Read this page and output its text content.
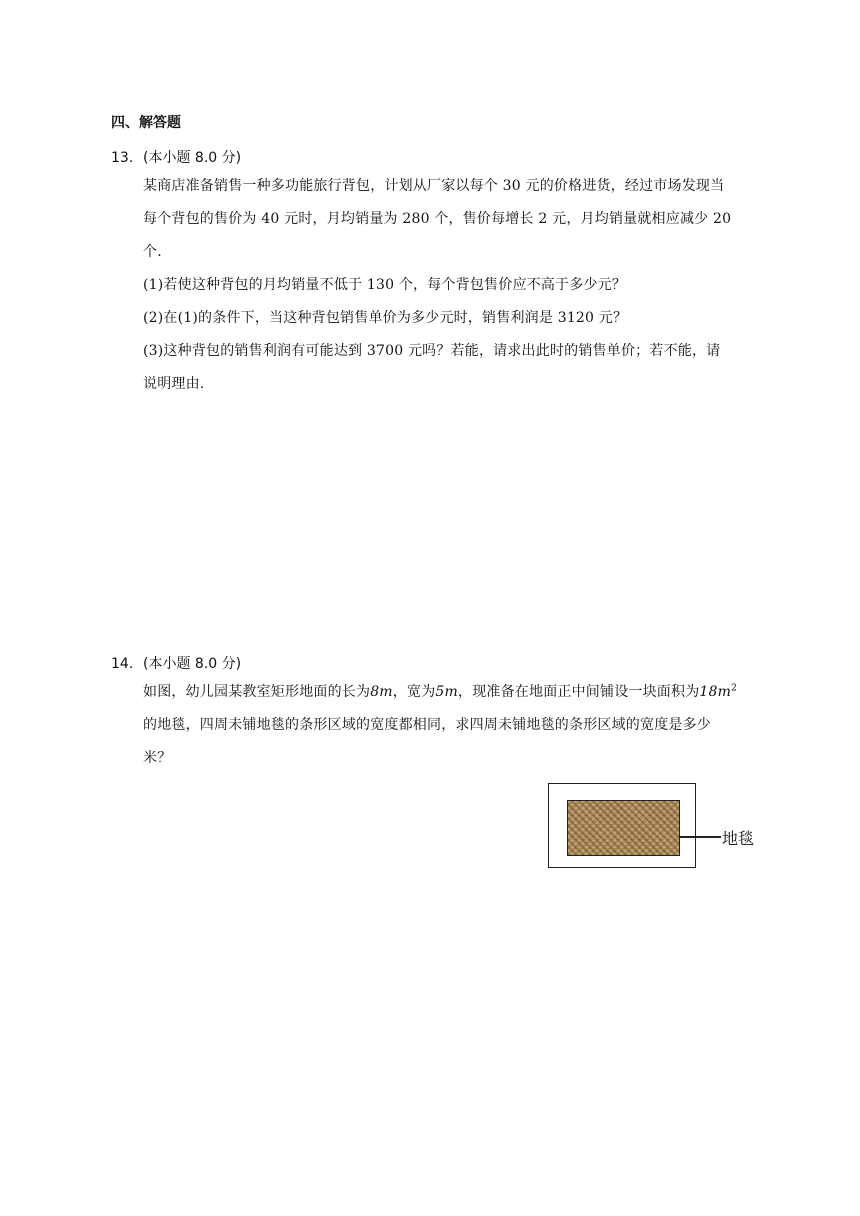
四、解答题
13. (本小题 8.0 分)
某商店准备销售一种多功能旅行背包，计划从厂家以每个 30 元的价格进货，经过市场发现当
每个背包的售价为 40 元时，月均销量为 280 个，售价每增长 2 元，月均销量就相应减少 20
个.
(1)若使这种背包的月均销量不低于 130 个，每个背包售价应不高于多少元？
(2)在(1)的条件下，当这种背包销售单价为多少元时，销售利润是 3120 元？
(3)这种背包的销售利润有可能达到 3700 元吗？若能，请求出此时的销售单价；若不能，请
说明理由.
14. (本小题 8.0 分)
如图，幼儿园某教室矩形地面的长为8m，宽为5m，现准备在地面正中间铺设一块面积为$18m^2$
的地毯，四周未铺地毯的条形区域的宽度都相同，求四周未铺地毯的条形区域的宽度是多少
米？
地毯
